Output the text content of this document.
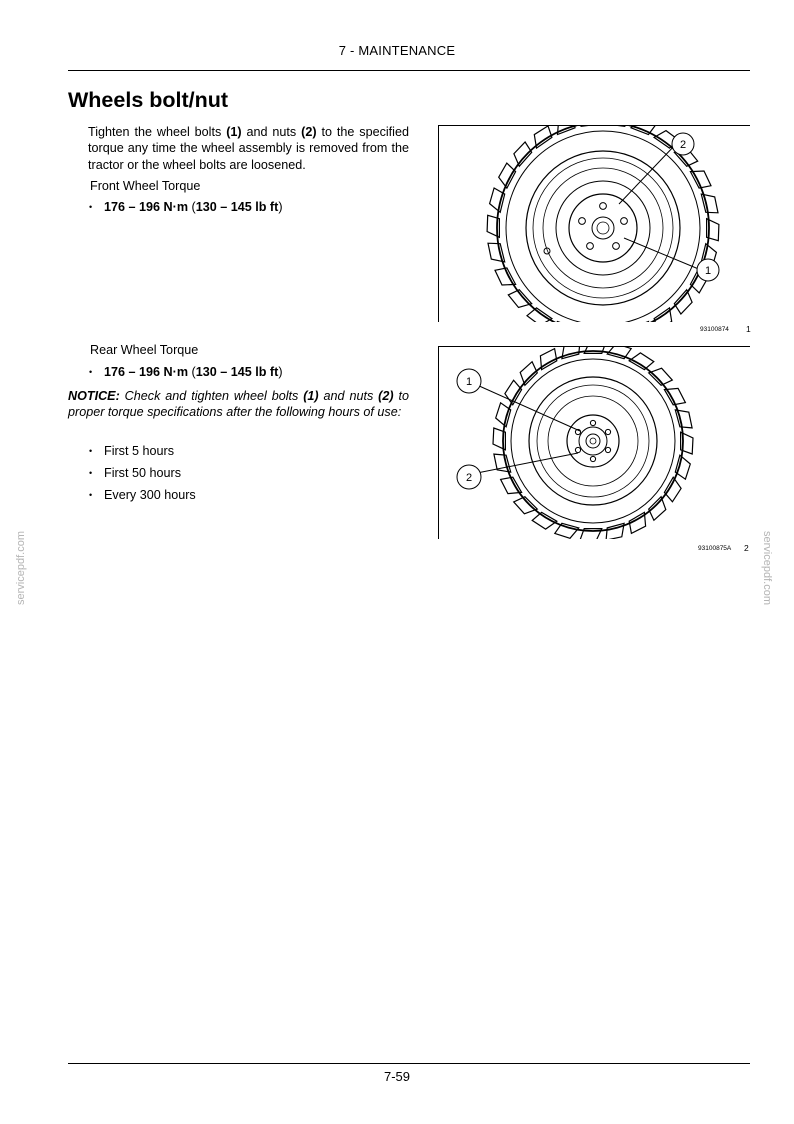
7 - MAINTENANCE
Wheels bolt/nut
Tighten the wheel bolts (1) and nuts (2) to the specified torque any time the wheel assembly is removed from the tractor or the wheel bolts are loosened.
Front Wheel Torque
• 176 – 196 N·m (130 – 145 lb ft)
Rear Wheel Torque
• 176 – 196 N·m (130 – 145 lb ft)
NOTICE: Check and tighten wheel bolts (1) and nuts (2) to proper torque specifications after the following hours of use:
• First 5 hours
• First 50 hours
• Every 300 hours
2
1
93100874 1
1
2
93100875A 2
servicepdf.com	servicepdf.com
7-59
